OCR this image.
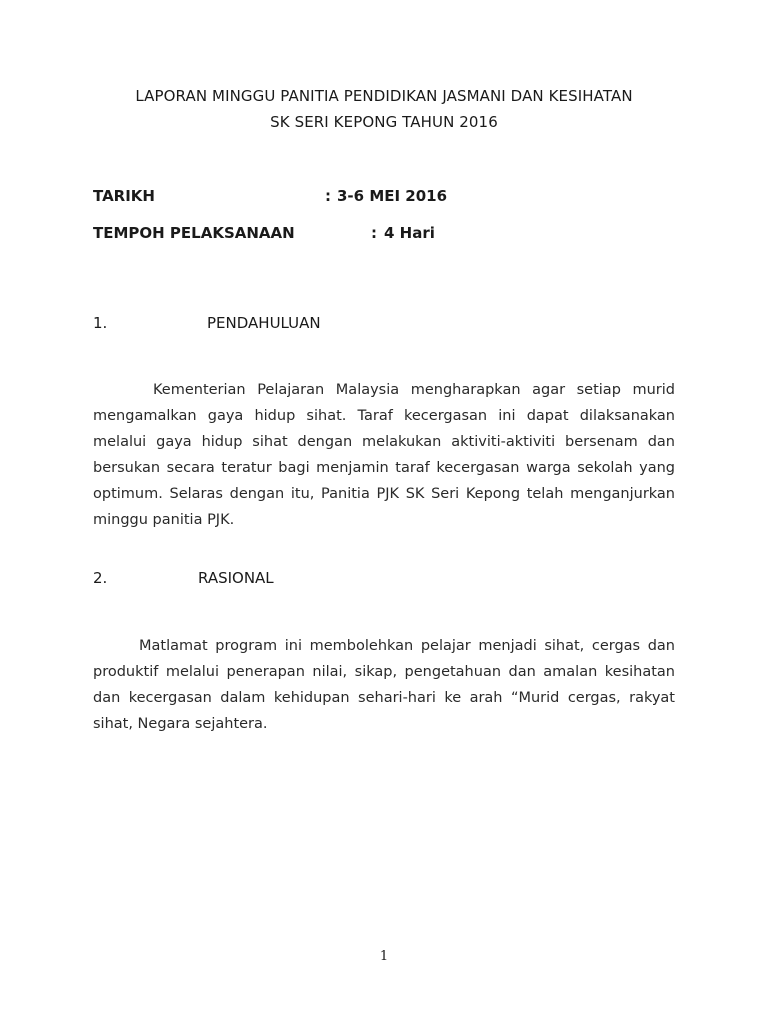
LAPORAN MINGGU PANITIA PENDIDIKAN JASMANI DAN KESIHATAN
SK SERI KEPONG TAHUN 2016
TARIKH	: 3-6 MEI 2016
TEMPOH PELAKSANAAN	: 4 Hari
1.	PENDAHULUAN

Kementerian Pelajaran Malaysia mengharapkan agar setiap murid mengamalkan gaya hidup sihat. Taraf kecergasan ini dapat dilaksanakan melalui gaya hidup sihat dengan melakukan aktiviti-aktiviti bersenam dan bersukan secara teratur bagi menjamin taraf kecergasan warga sekolah yang optimum. Selaras dengan itu, Panitia PJK SK Seri Kepong telah menganjurkan minggu panitia PJK.

2.	RASIONAL

Matlamat program ini membolehkan pelajar menjadi sihat, cergas dan produktif melalui penerapan nilai, sikap, pengetahuan dan amalan kesihatan dan kecergasan dalam kehidupan sehari-hari ke arah “Murid cergas, rakyat sihat, Negara sejahtera.

1
